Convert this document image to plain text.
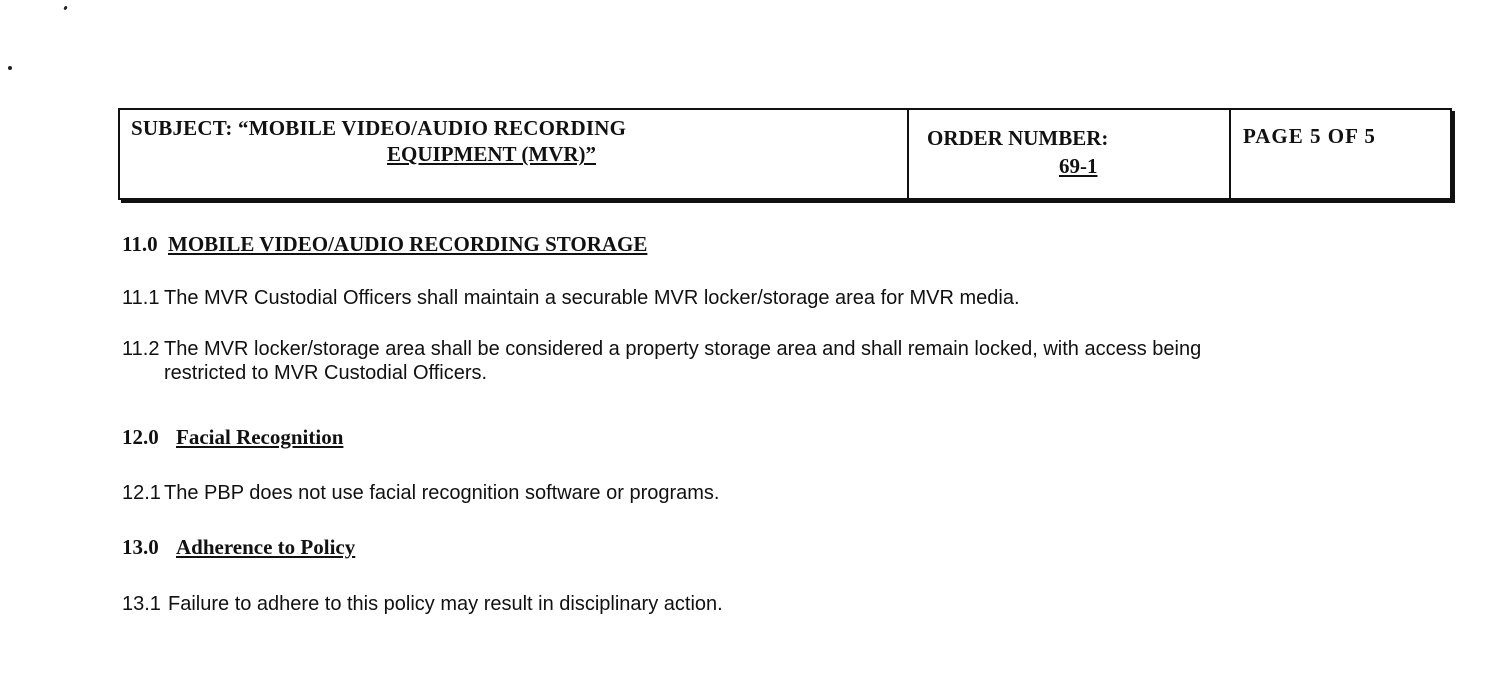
SUBJECT: “MOBILE VIDEO/AUDIO RECORDING
EQUIPMENT (MVR)”

ORDER NUMBER:
69-1

PAGE 5 OF 5
11.0 MOBILE VIDEO/AUDIO RECORDING STORAGE
11.1 The MVR Custodial Officers shall maintain a securable MVR locker/storage area for MVR media.
11.2 The MVR locker/storage area shall be considered a property storage area and shall remain locked, with access being
restricted to MVR Custodial Officers.
12.0 Facial Recognition
12.1 The PBP does not use facial recognition software or programs.
13.0 Adherence to Policy
13.1 Failure to adhere to this policy may result in disciplinary action.
